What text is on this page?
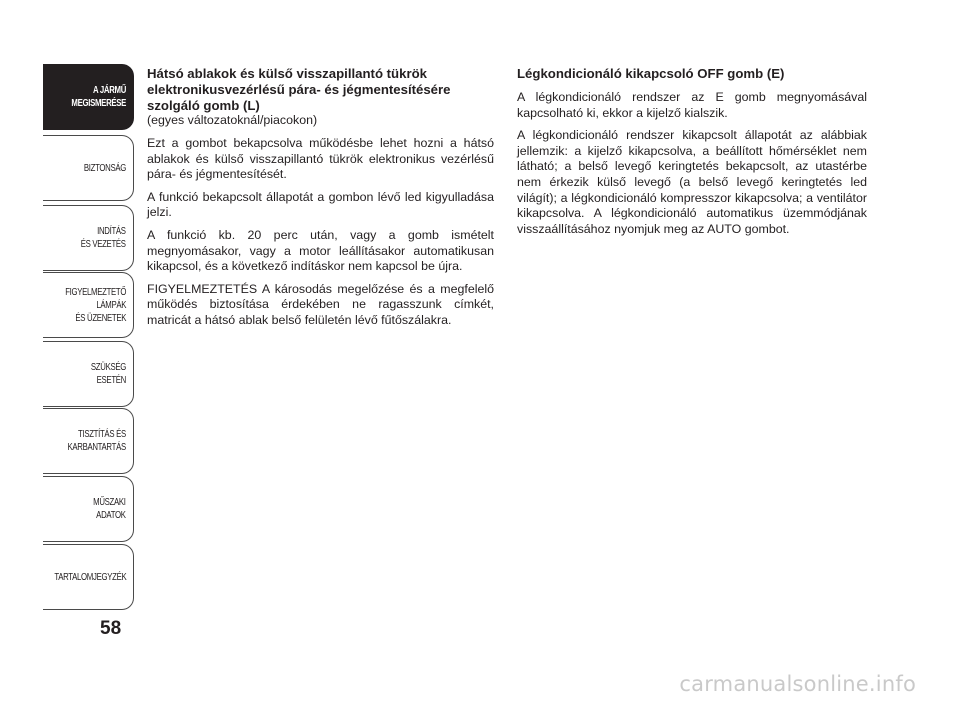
A JÁRMŰ
MEGISMERÉSE
BIZTONSÁG
INDÍTÁS
ÉS VEZETÉS
FIGYELMEZTETŐ
LÁMPÁK
ÉS ÜZENETEK
SZÜKSÉG
ESETÉN
TISZTÍTÁS ÉS
KARBANTARTÁS
MŰSZAKI
ADATOK
TARTALOMJEGYZÉK
58
Hátsó ablakok és külső visszapillantó tükrök elektronikusvezérlésű pára- és jégmentesítésére szolgáló gomb (L)

(egyes változatoknál/piacokon)

Ezt a gombot bekapcsolva működésbe lehet hozni a hátsó ablakok és külső visszapillantó tükrök elektronikus vezérlésű pára- és jégmentesítését.

A funkció bekapcsolt állapotát a gombon lévő led kigyulladása jelzi.

A funkció kb. 20 perc után, vagy a gomb ismételt megnyomásakor, vagy a motor leállításakor automatikusan kikapcsol, és a következő indításkor nem kapcsol be újra.

FIGYELMEZTETÉS A károsodás megelőzése és a megfelelő működés biztosítása érdekében ne ragasszunk címkét, matricát a hátsó ablak belső felületén lévő fűtőszálakra.

Légkondicionáló kikapcsoló OFF gomb (E)

A légkondicionáló rendszer az E gomb megnyomásával kapcsolható ki, ekkor a kijelző kialszik.

A légkondicionáló rendszer kikapcsolt állapotát az alábbiak jellemzik: a kijelző kikapcsolva, a beállított hőmérséklet nem látható; a belső levegő keringtetés bekapcsolt, az utastérbe nem érkezik külső levegő (a belső levegő keringtetés led világít); a légkondicionáló kompresszor kikapcsolva; a ventilátor kikapcsolva. A légkondicionáló automatikus üzemmódjának visszaállításához nyomjuk meg az AUTO gombot.

carmanualsonline.info
